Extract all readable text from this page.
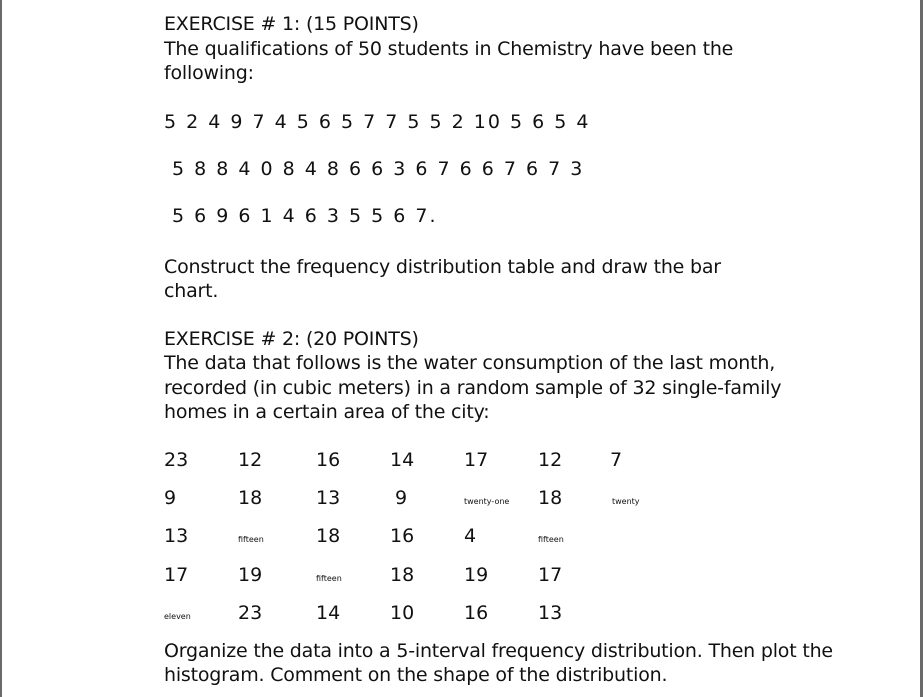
EXERCISE # 1: (15 POINTS)
The qualifications of 50 students in Chemistry have been the
following:
5 2 4 9 7 4 5 6 5 7 7 5 5 2 10 5 6 5 4
5 8 8 4 0 8 4 8 6 6 3 6 7 6 6 7 6 7 3
5 6 9 6 1 4 6 3 5 5 6 7.
Construct the frequency distribution table and draw the bar
chart.
EXERCISE # 2: (20 POINTS)
The data that follows is the water consumption of the last month,
recorded (in cubic meters) in a random sample of 32 single-family
homes in a certain area of the city:
23	12	16	14	17	12	7
9	18	13	9	twenty-one 18	twenty
13	fifteen	18	16	4	fifteen
17	19	fifteen	18	19	17
eleven 23	14	10	16	13
Organize the data into a 5-interval frequency distribution. Then plot the
histogram. Comment on the shape of the distribution.
